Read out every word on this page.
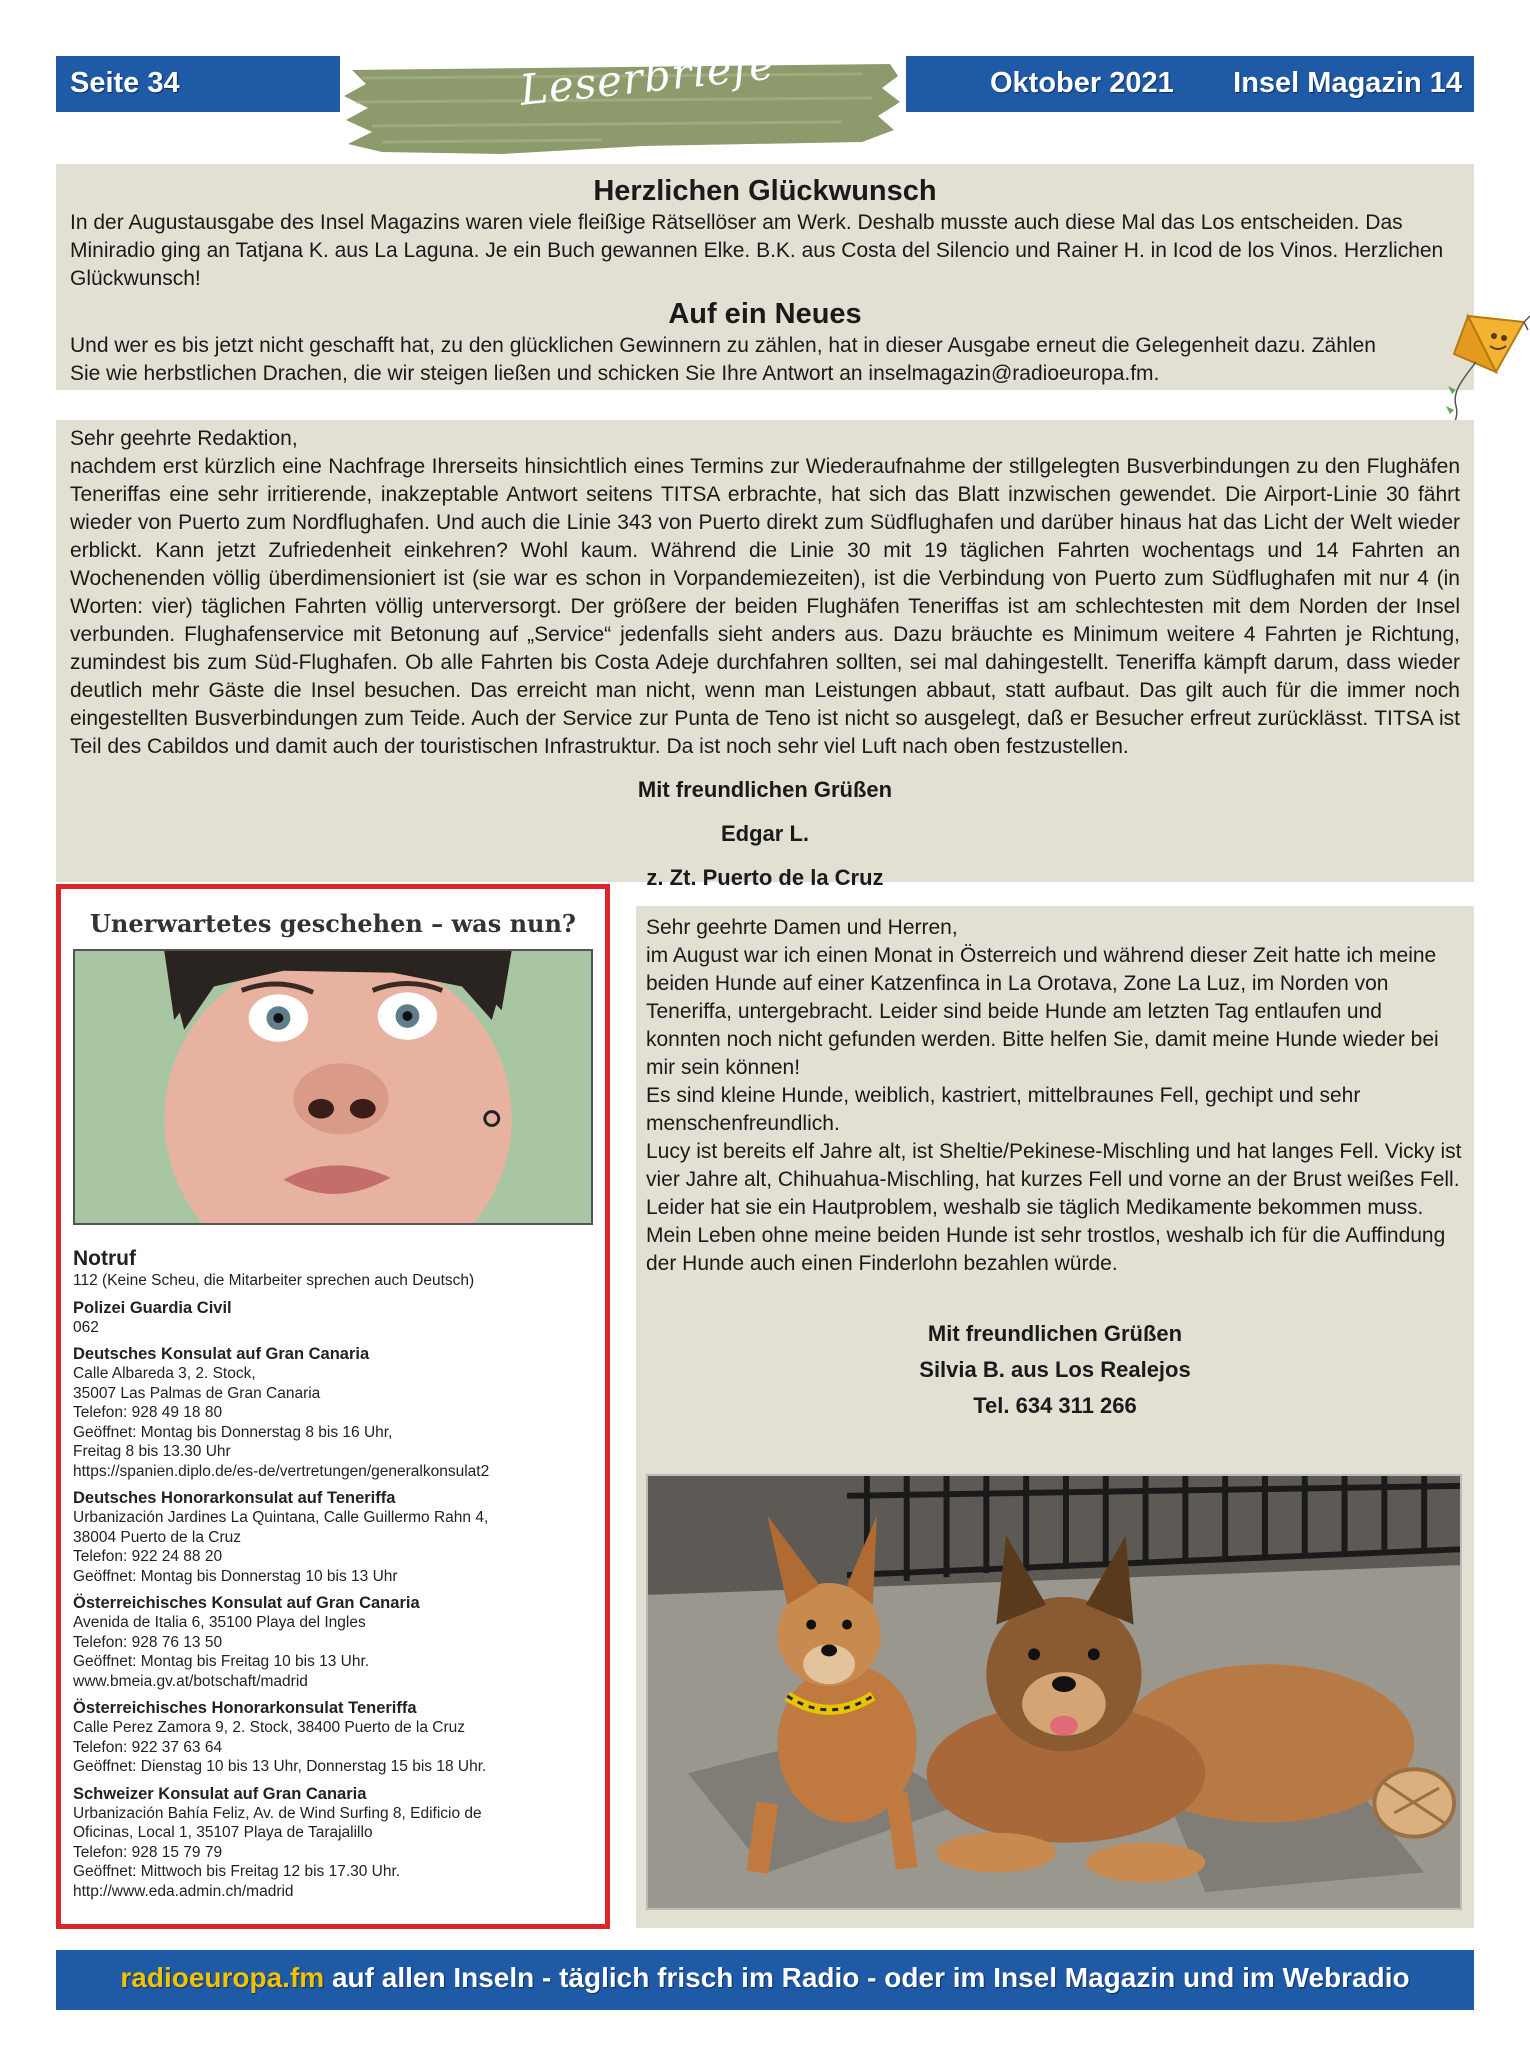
Seite 34	Leserbriefe	Oktober 2021 Insel Magazin 14
Herzlichen Glückwunsch

In der Augustausgabe des Insel Magazins waren viele fleißige Rätsellöser am Werk. Deshalb musste auch diese Mal das Los entscheiden. Das Miniradio ging an Tatjana K. aus La Laguna. Je ein Buch gewannen Elke. B.K. aus Costa del Silencio und Rainer H. in Icod de los Vinos. Herzlichen Glückwunsch!

Auf ein Neues

Und wer es bis jetzt nicht geschafft hat, zu den glücklichen Gewinnern zu zählen, hat in dieser Ausgabe erneut die Gelegenheit dazu. Zählen Sie wie herbstlichen Drachen, die wir steigen ließen und schicken Sie Ihre Antwort an inselmagazin@radioeuropa.fm.

Sehr geehrte Redaktion,

nachdem erst kürzlich eine Nachfrage Ihrerseits hinsichtlich eines Termins zur Wiederaufnahme der stillgelegten Busverbindungen zu den Flughäfen Teneriffas eine sehr irritierende, inakzeptable Antwort seitens TITSA erbrachte, hat sich das Blatt inzwischen gewendet. Die Airport-Linie 30 fährt wieder von Puerto zum Nordflughafen. Und auch die Linie 343 von Puerto direkt zum Südflughafen und darüber hinaus hat das Licht der Welt wieder erblickt. Kann jetzt Zufriedenheit einkehren? Wohl kaum. Während die Linie 30 mit 19 täglichen Fahrten wochentags und 14 Fahrten an Wochenenden völlig überdimensioniert ist (sie war es schon in Vorpandemiezeiten), ist die Verbindung von Puerto zum Südflughafen mit nur 4 (in Worten: vier) täglichen Fahrten völlig unterversorgt. Der größere der beiden Flughäfen Teneriffas ist am schlechtesten mit dem Norden der Insel verbunden. Flughafenservice mit Betonung auf „Service“ jedenfalls sieht anders aus. Dazu bräuchte es Minimum weitere 4 Fahrten je Richtung, zumindest bis zum Süd-Flughafen. Ob alle Fahrten bis Costa Adeje durchfahren sollten, sei mal dahingestellt. Teneriffa kämpft darum, dass wieder deutlich mehr Gäste die Insel besuchen. Das erreicht man nicht, wenn man Leistungen abbaut, statt aufbaut. Das gilt auch für die immer noch eingestellten Busverbindungen zum Teide. Auch der Service zur Punta de Teno ist nicht so ausgelegt, daß er Besucher erfreut zurücklässt. TITSA ist Teil des Cabildos und damit auch der touristischen Infrastruktur. Da ist noch sehr viel Luft nach oben festzustellen.

Mit freundlichen Grüßen
Edgar L.
z. Zt. Puerto de la Cruz
Unerwartetes geschehen – was nun?
Notruf
112 (Keine Scheu, die Mitarbeiter sprechen auch Deutsch)
Polizei Guardia Civil
062
Deutsches Konsulat auf Gran Canaria
Calle Albareda 3, 2. Stock,
35007 Las Palmas de Gran Canaria
Telefon: 928 49 18 80
Geöffnet: Montag bis Donnerstag 8 bis 16 Uhr,
Freitag 8 bis 13.30 Uhr
https://spanien.diplo.de/es-de/vertretungen/generalkonsulat2
Deutsches Honorarkonsulat auf Teneriffa
Urbanización Jardines La Quintana, Calle Guillermo Rahn 4,
38004 Puerto de la Cruz
Telefon: 922 24 88 20
Geöffnet: Montag bis Donnerstag 10 bis 13 Uhr
Österreichisches Konsulat auf Gran Canaria
Avenida de Italia 6, 35100 Playa del Ingles
Telefon: 928 76 13 50
Geöffnet: Montag bis Freitag 10 bis 13 Uhr.
www.bmeia.gv.at/botschaft/madrid
Österreichisches Honorarkonsulat Teneriffa
Calle Perez Zamora 9, 2. Stock, 38400 Puerto de la Cruz
Telefon: 922 37 63 64
Geöffnet: Dienstag 10 bis 13 Uhr, Donnerstag 15 bis 18 Uhr.
Schweizer Konsulat auf Gran Canaria
Urbanización Bahía Feliz, Av. de Wind Surfing 8, Edificio de
Oficinas, Local 1, 35107 Playa de Tarajalillo
Telefon: 928 15 79 79
Geöffnet: Mittwoch bis Freitag 12 bis 17.30 Uhr.
http://www.eda.admin.ch/madrid

Sehr geehrte Damen und Herren,

im August war ich einen Monat in Österreich und während dieser Zeit hatte ich meine beiden Hunde auf einer Katzenfinca in La Orotava, Zone La Luz, im Norden von Teneriffa, untergebracht. Leider sind beide Hunde am letzten Tag entlaufen und konnten noch nicht gefunden werden. Bitte helfen Sie, damit meine Hunde wieder bei mir sein können!

Es sind kleine Hunde, weiblich, kastriert, mittelbraunes Fell, gechipt und sehr menschenfreundlich.

Lucy ist bereits elf Jahre alt, ist Sheltie/Pekinese-Mischling und hat langes Fell. Vicky ist vier Jahre alt, Chihuahua-Mischling, hat kurzes Fell und vorne an der Brust weißes Fell. Leider hat sie ein Hautproblem, weshalb sie täglich Medikamente bekommen muss.

Mein Leben ohne meine beiden Hunde ist sehr trostlos, weshalb ich für die Auffindung der Hunde auch einen Finderlohn bezahlen würde.

Mit freundlichen Grüßen
Silvia B. aus Los Realejos
Tel. 634 311 266
radioeuropa.fm auf allen Inseln - täglich frisch im Radio - oder im Insel Magazin und im Webradio
